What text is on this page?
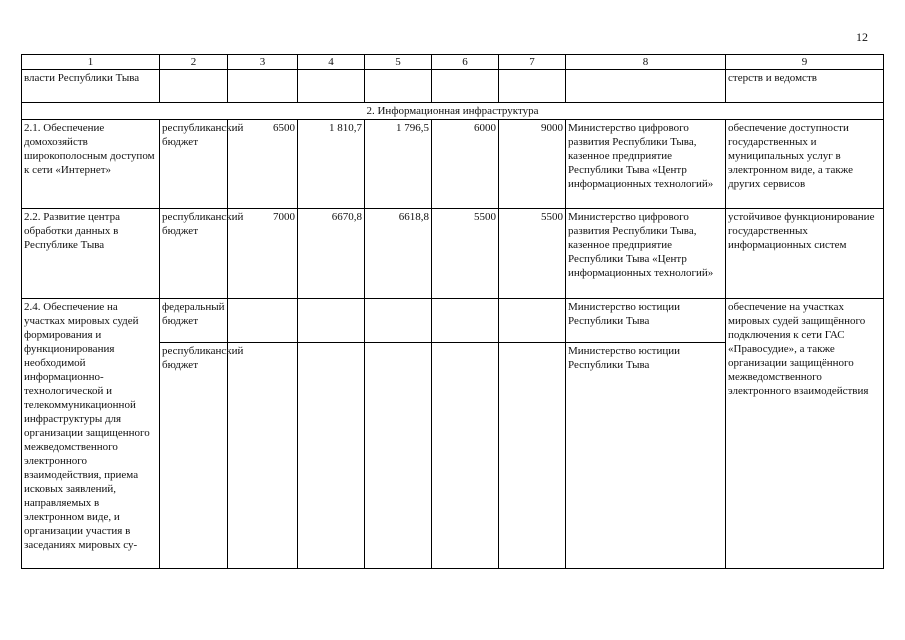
12
1	2	3	4	5	6	7	8	9
власти Республики Тыва								стерств и ведомств
2. Информационная инфраструктура								
2.1. Обеспечение домохозяйств широкополосным доступом к сети «Интернет»	республиканский бюджет	6500	1 810,7	1 796,5	6000	9000	Министерство цифрового развития Республики Тыва, казенное предприятие Республики Тыва «Центр информационных технологий»	обеспечение доступности государственных и муниципальных услуг в электронном виде, а также других сервисов
2.2. Развитие центра обработки данных в Республике Тыва	республиканский бюджет	7000	6670,8	6618,8	5500	5500	Министерство цифрового развития Республики Тыва, казенное предприятие Республики Тыва «Центр информационных технологий»	устойчивое функционирование государственных информационных систем
2.4. Обеспечение на участках мировых судей формирования и функционирования необходимой информационно-технологической и телекоммуникационной инфраструктуры для организации защищенного межведомственного электронного взаимодействия, приема исковых заявлений, направляемых в электронном виде, и организации участия в заседаниях мировых су-	федеральный бюджет						Министерство юстиции Республики Тыва	обеспечение на участках мировых судей защищённого подключения к сети ГАС «Правосудие», а также организации защищённого межведомственного электронного взаимодействия
	республиканский бюджет						Министерство юстиции Республики Тыва	
